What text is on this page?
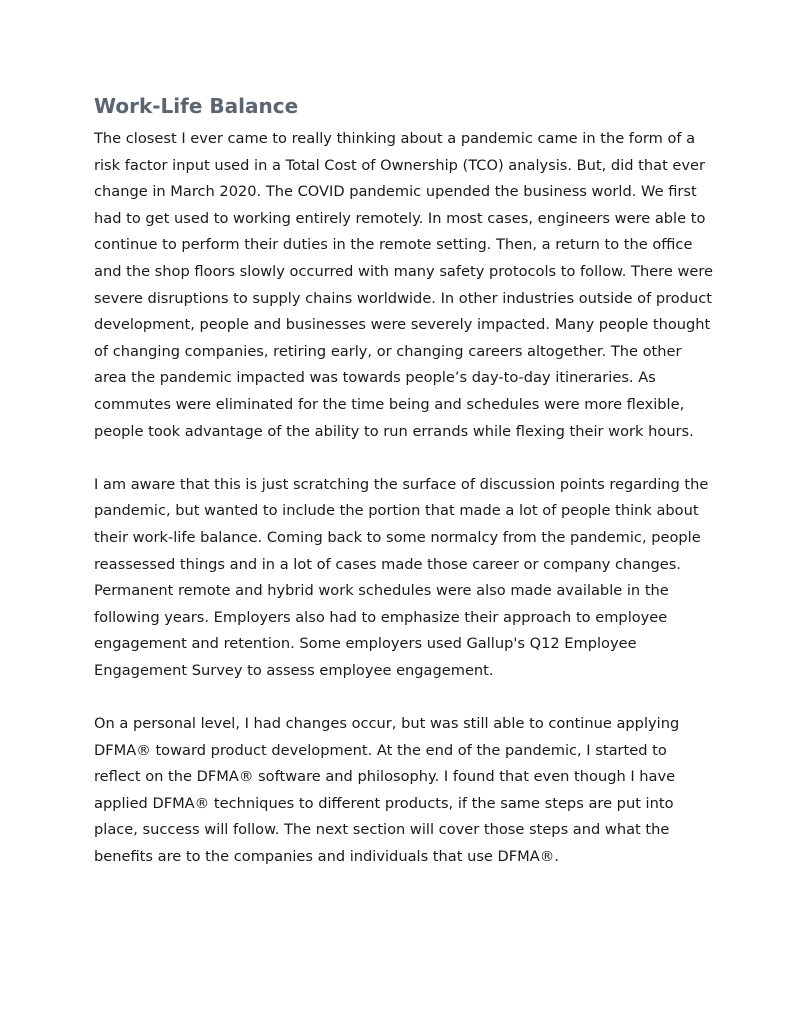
Work-Life Balance

The closest I ever came to really thinking about a pandemic came in the form of a risk factor input used in a Total Cost of Ownership (TCO) analysis. But, did that ever change in March 2020. The COVID pandemic upended the business world. We first had to get used to working entirely remotely. In most cases, engineers were able to continue to perform their duties in the remote setting. Then, a return to the office and the shop floors slowly occurred with many safety protocols to follow. There were severe disruptions to supply chains worldwide. In other industries outside of product development, people and businesses were severely impacted. Many people thought of changing companies, retiring early, or changing careers altogether. The other area the pandemic impacted was towards people’s day-to-day itineraries. As commutes were eliminated for the time being and schedules were more flexible, people took advantage of the ability to run errands while flexing their work hours.

I am aware that this is just scratching the surface of discussion points regarding the pandemic, but wanted to include the portion that made a lot of people think about their work-life balance. Coming back to some normalcy from the pandemic, people reassessed things and in a lot of cases made those career or company changes. Permanent remote and hybrid work schedules were also made available in the following years. Employers also had to emphasize their approach to employee engagement and retention. Some employers used Gallup's Q12 Employee Engagement Survey to assess employee engagement.

On a personal level, I had changes occur, but was still able to continue applying DFMA® toward product development. At the end of the pandemic, I started to reflect on the DFMA® software and philosophy. I found that even though I have applied DFMA® techniques to different products, if the same steps are put into place, success will follow. The next section will cover those steps and what the benefits are to the companies and individuals that use DFMA®.
